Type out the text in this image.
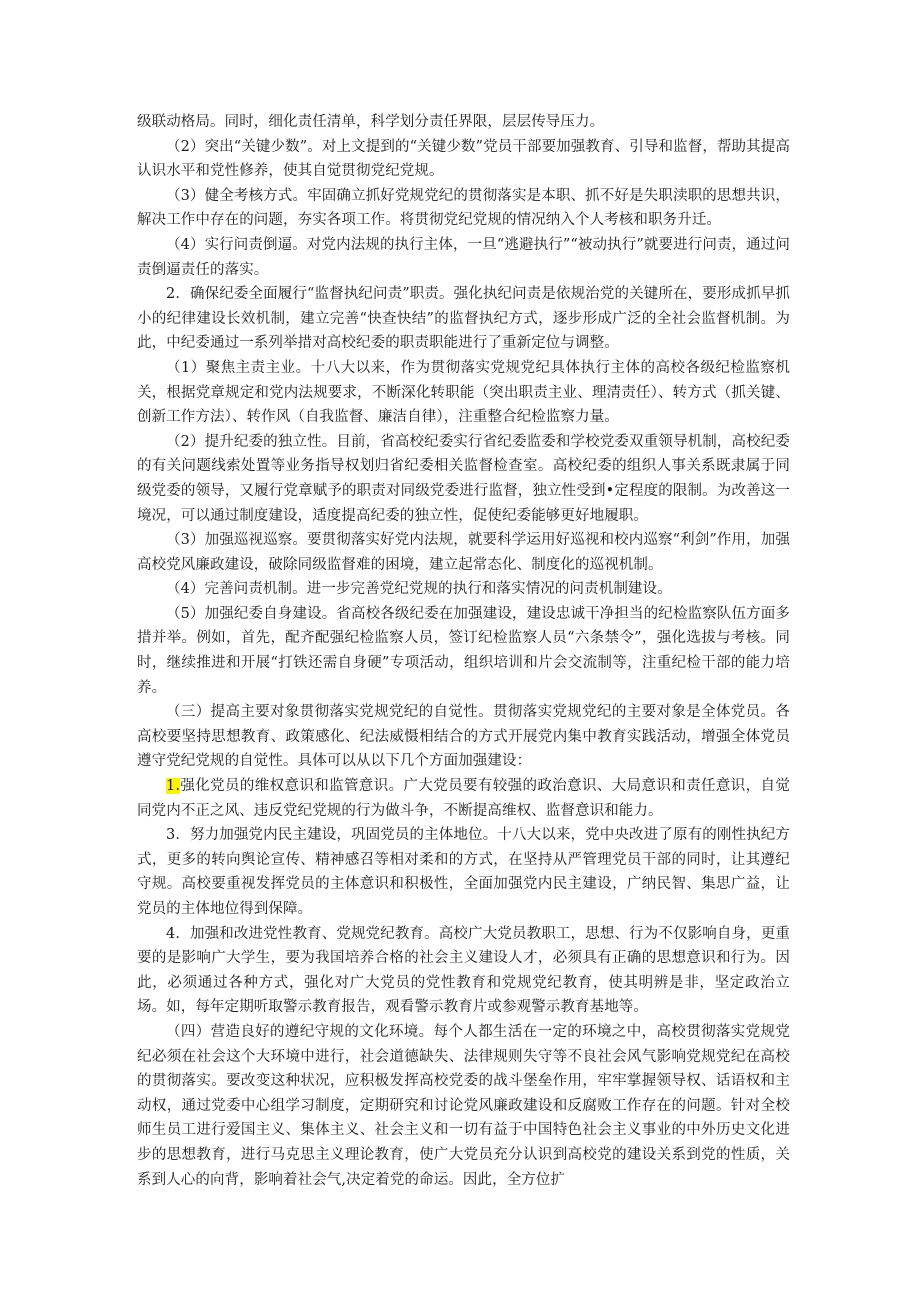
级联动格局。同时，细化责任清单，科学划分责任界限，层层传导压力。

（2）突出“关键少数”。对上文提到的“关键少数”党员干部要加强教育、引导和监督，帮助其提高认识水平和党性修养，使其自觉贯彻党纪党规。

（3）健全考核方式。牢固确立抓好党规党纪的贯彻落实是本职、抓不好是失职渎职的思想共识，解决工作中存在的问题，夯实各项工作。将贯彻党纪党规的情况纳入个人考核和职务升迁。

（4）实行问责倒逼。对党内法规的执行主体，一旦“逃避执行”“被动执行”就要进行问责，通过问责倒逼责任的落实。

2．确保纪委全面履行“监督执纪问责”职责。强化执纪问责是依规治党的关键所在，要形成抓早抓小的纪律建设长效机制，建立完善“快查快结”的监督执纪方式，逐步形成广泛的全社会监督机制。为此，中纪委通过一系列举措对高校纪委的职责职能进行了重新定位与调整。

（1）聚焦主责主业。十八大以来，作为贯彻落实党规党纪具体执行主体的高校各级纪检监察机关，根据党章规定和党内法规要求，不断深化转职能（突出职责主业、理清责任）、转方式（抓关键、创新工作方法）、转作风（自我监督、廉洁自律），注重整合纪检监察力量。

（2）提升纪委的独立性。目前，省高校纪委实行省纪委监委和学校党委双重领导机制，高校纪委的有关问题线索处置等业务指导权划归省纪委相关监督检查室。高校纪委的组织人事关系既隶属于同级党委的领导，又履行党章赋予的职责对同级党委进行监督，独立性受到•定程度的限制。为改善这一境况，可以通过制度建设，适度提高纪委的独立性，促使纪委能够更好地履职。

（3）加强巡视巡察。要贯彻落实好党内法规，就要科学运用好巡视和校内巡察“利剑”作用，加强高校党风廉政建设，破除同级监督难的困境，建立起常态化、制度化的巡视机制。

（4）完善问责机制。进一步完善党纪党规的执行和落实情况的问责机制建设。

（5）加强纪委自身建设。省高校各级纪委在加强建设，建设忠诚干净担当的纪检监察队伍方面多措并举。例如，首先，配齐配强纪检监察人员，签订纪检监察人员“六条禁令”，强化选拔与考核。同时，继续推进和开展“打铁还需自身硬”专项活动，组织培训和片会交流制等，注重纪检干部的能力培养。

（三）提高主要对象贯彻落实党规党纪的自觉性。贯彻落实党规党纪的主要对象是全体党员。各高校要坚持思想教育、政策感化、纪法威慑相结合的方式开展党内集中教育实践活动，增强全体党员遵守党纪党规的自觉性。具体可以从以下几个方面加强建设：

1.强化党员的维权意识和监管意识。广大党员要有较强的政治意识、大局意识和责任意识，自觉同党内不正之风、违反党纪党规的行为做斗争，不断提高维权、监督意识和能力。

3．努力加强党内民主建设，巩固党员的主体地位。十八大以来，党中央改进了原有的刚性执纪方式，更多的转向舆论宣传、精神感召等相对柔和的方式，在坚持从严管理党员干部的同时，让其遵纪守规。高校要重视发挥党员的主体意识和积极性，全面加强党内民主建设，广纳民智、集思广益，让党员的主体地位得到保障。

4．加强和改进党性教育、党规党纪教育。高校广大党员教职工，思想、行为不仅影响自身，更重要的是影响广大学生，要为我国培养合格的社会主义建设人才，必须具有正确的思想意识和行为。因此，必须通过各种方式，强化对广大党员的党性教育和党规党纪教育，使其明辨是非，坚定政治立场。如，每年定期听取警示教育报告，观看警示教育片或参观警示教育基地等。

（四）营造良好的遵纪守规的文化环境。每个人都生活在一定的环境之中，高校贯彻落实党规党纪必须在社会这个大环境中进行，社会道德缺失、法律规则失守等不良社会风气影响党规党纪在高校的贯彻落实。要改变这种状况，应积极发挥高校党委的战斗堡垒作用，牢牢掌握领导权、话语权和主动权，通过党委中心组学习制度，定期研究和讨论党风廉政建设和反腐败工作存在的问题。针对全校师生员工进行爱国主义、集体主义、社会主义和一切有益于中国特色社会主义事业的中外历史文化进步的思想教育，进行马克思主义理论教育，使广大党员充分认识到高校党的建设关系到党的性质，关系到人心的向背，影响着社会气,决定着党的命运。因此，全方位扩
